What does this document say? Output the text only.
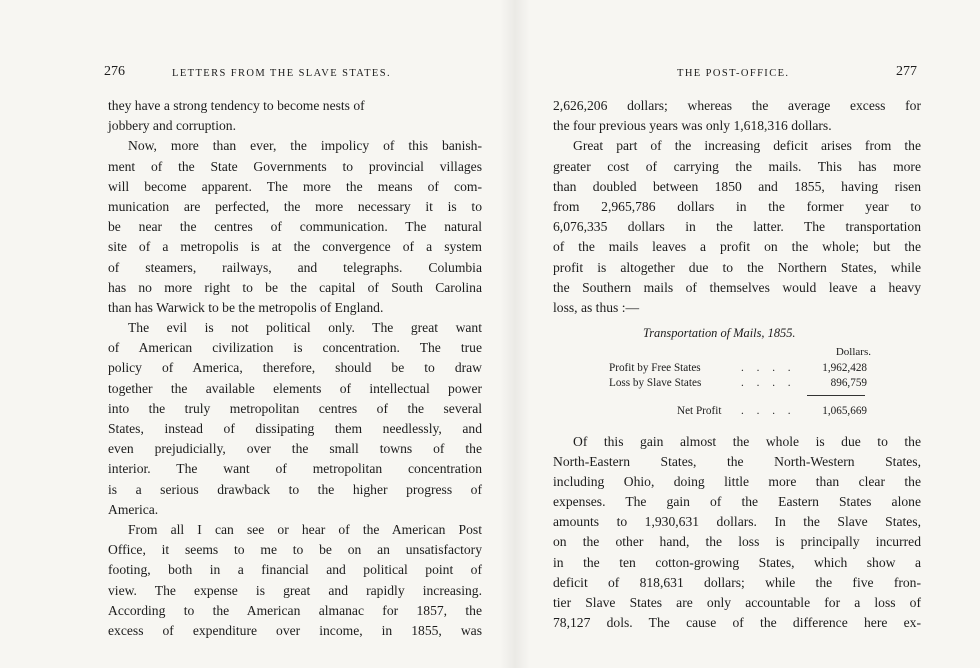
276	LETTERS FROM THE SLAVE STATES.
they have a strong tendency to become nests of
jobbery and corruption.
Now, more than ever, the impolicy of this banish-
ment of the State Governments to provincial villages
will become apparent. The more the means of com-
munication are perfected, the more necessary it is to
be near the centres of communication. The natural
site of a metropolis is at the convergence of a system
of steamers, railways, and telegraphs. Columbia
has no more right to be the capital of South Carolina
than has Warwick to be the metropolis of England.
The evil is not political only. The great want
of American civilization is concentration. The true
policy of America, therefore, should be to draw
together the available elements of intellectual power
into the truly metropolitan centres of the several
States, instead of dissipating them needlessly, and
even prejudicially, over the small towns of the
interior. The want of metropolitan concentration
is a serious drawback to the higher progress of
America.
From all I can see or hear of the American Post
Office, it seems to me to be on an unsatisfactory
footing, both in a financial and political point of
view. The expense is great and rapidly increasing.
According to the American almanac for 1857, the
excess of expenditure over income, in 1855, was
THE POST-OFFICE.	277
2,626,206 dollars; whereas the average excess for
the four previous years was only 1,618,316 dollars.
Great part of the increasing deficit arises from the
greater cost of carrying the mails. This has more
than doubled between 1850 and 1855, having risen
from 2,965,786 dollars in the former year to
6,076,335 dollars in the latter. The transportation
of the mails leaves a profit on the whole; but the
profit is altogether due to the Northern States, while
the Southern mails of themselves would leave a heavy
loss, as thus :—
Transportation of Mails, 1855.
Dollars.
Profit by Free States	. . . . 1,962,428
Loss by Slave States	. . . .	896,759
Net Profit . . . . 1,065,669
Of this gain almost the whole is due to the
North-Eastern States, the North-Western States,
including Ohio, doing little more than clear the
expenses. The gain of the Eastern States alone
amounts to 1,930,631 dollars. In the Slave States,
on the other hand, the loss is principally incurred
in the ten cotton-growing States, which show a
deficit of 818,631 dollars; while the five fron-
tier Slave States are only accountable for a loss of
78,127 dols. The cause of the difference here ex-
